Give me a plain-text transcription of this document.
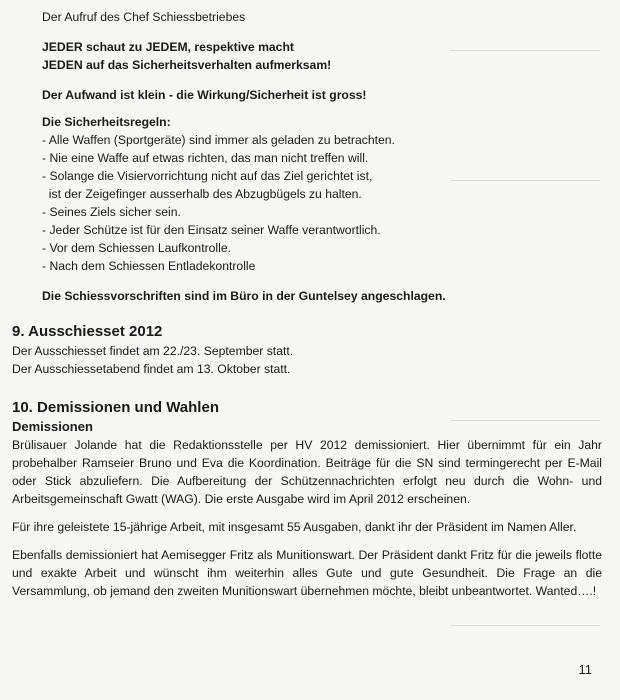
Der Aufruf des Chef Schiessbetriebes
JEDER schaut zu JEDEM, respektive macht
JEDEN auf das Sicherheitsverhalten aufmerksam!
Der Aufwand ist klein - die Wirkung/Sicherheit ist gross!
Die Sicherheitsregeln:
- Alle Waffen (Sportgeräte) sind immer als geladen zu betrachten.
- Nie eine Waffe auf etwas richten, das man nicht treffen will.
- Solange die Visiervorrichtung nicht auf das Ziel gerichtet ist,
ist der Zeigefinger ausserhalb des Abzugbügels zu halten.
- Seines Ziels sicher sein.
- Jeder Schütze ist für den Einsatz seiner Waffe verantwortlich.
- Vor dem Schiessen Laufkontrolle.
- Nach dem Schiessen Entladekontrolle
Die Schiessvorschriften sind im Büro in der Guntelsey angeschlagen.
9. Ausschiesset 2012
Der Ausschiesset findet am 22./23. September statt.
Der Ausschiessetabend findet am 13. Oktober statt.
10. Demissionen und Wahlen
Demissionen
Brülisauer Jolande hat die Redaktionsstelle per HV 2012 demissioniert. Hier übernimmt für ein Jahr probehalber Ramseier Bruno und Eva die Koordination. Beiträge für die SN sind termingerecht per E-Mail oder Stick abzuliefern. Die Aufbereitung der Schützennachrichten erfolgt neu durch die Wohn- und Arbeitsgemeinschaft Gwatt (WAG). Die erste Ausgabe wird im April 2012 erscheinen.
Für ihre geleistete 15-jährige Arbeit, mit insgesamt 55 Ausgaben, dankt ihr der Präsident im Namen Aller.
Ebenfalls demissioniert hat Aemisegger Fritz als Munitionswart. Der Präsident dankt Fritz für die jeweils flotte und exakte Arbeit und wünscht ihm weiterhin alles Gute und gute Gesundheit. Die Frage an die Versammlung, ob jemand den zweiten Munitionswart übernehmen möchte, bleibt unbeantwortet. Wanted….!
11
